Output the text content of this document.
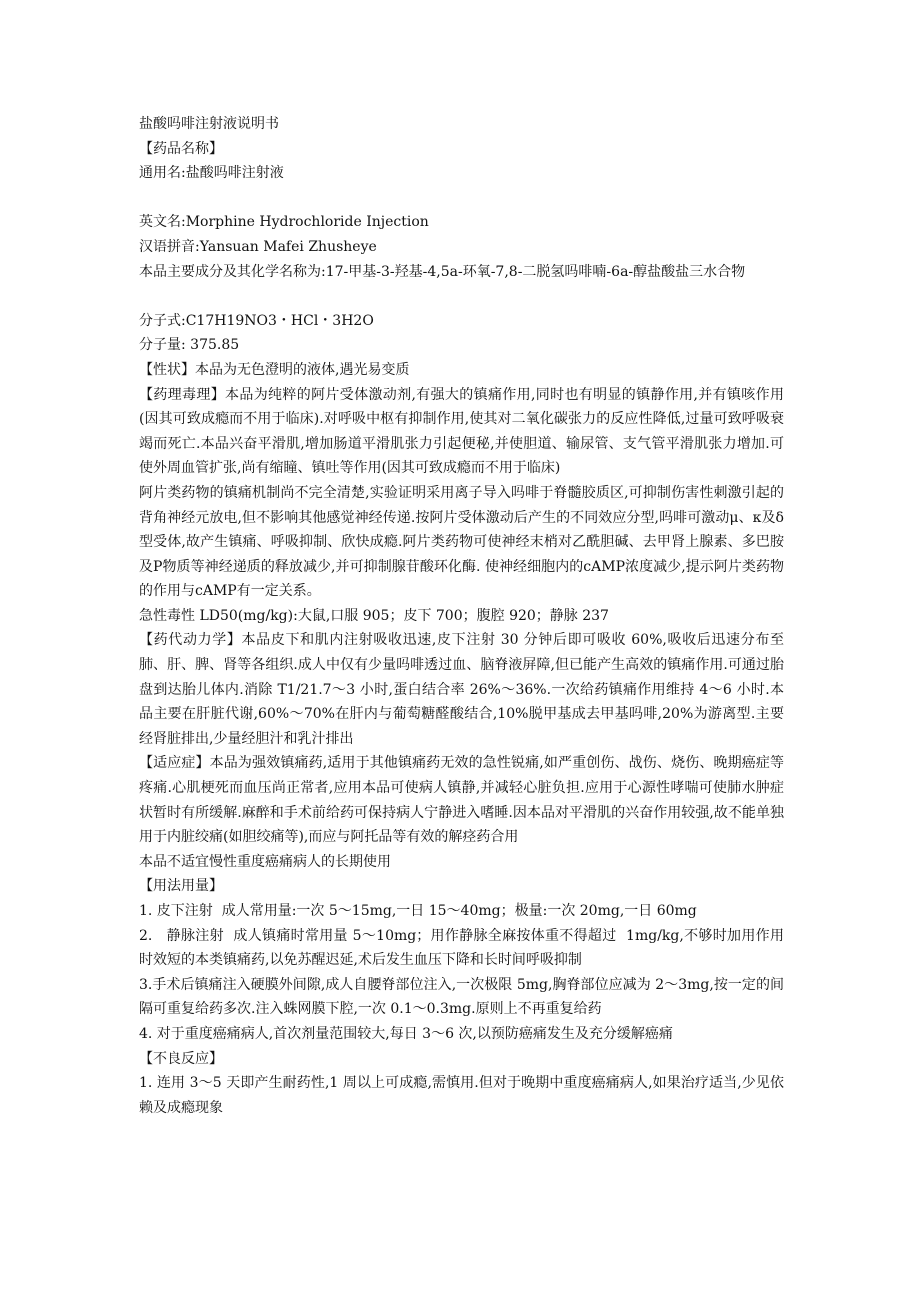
盐酸吗啡注射液说明书

【药品名称】

通用名:盐酸吗啡注射液

英文名:Morphine Hydrochloride Injection

汉语拼音:Yansuan Mafei Zhusheye

本品主要成分及其化学名称为:17-甲基-3-羟基-4,5a-环氧-7,8-二脱氢吗啡喃-6a-醇盐酸盐三水合物

分子式:C17H19NO3・HCl・3H2O

分子量: 375.85

【性状】本品为无色澄明的液体,遇光易变质

【药理毒理】本品为纯粹的阿片受体激动剂,有强大的镇痛作用,同时也有明显的镇静作用,并有镇咳作用(因其可致成瘾而不用于临床).对呼吸中枢有抑制作用,使其对二氧化碳张力的反应性降低,过量可致呼吸衰竭而死亡.本品兴奋平滑肌,增加肠道平滑肌张力引起便秘,并使胆道、输尿管、支气管平滑肌张力增加.可使外周血管扩张,尚有缩瞳、镇吐等作用(因其可致成瘾而不用于临床)

阿片类药物的镇痛机制尚不完全清楚,实验证明采用离子导入吗啡于脊髓胶质区,可抑制伤害性刺激引起的背角神经元放电,但不影响其他感觉神经传递.按阿片受体激动后产生的不同效应分型,吗啡可激动μ、κ及δ型受体,故产生镇痛、呼吸抑制、欣快成瘾.阿片类药物可使神经末梢对乙酰胆碱、去甲肾上腺素、多巴胺及P物质等神经递质的释放减少,并可抑制腺苷酸环化酶. 使神经细胞内的cAMP浓度减少,提示阿片类药物的作用与cAMP有一定关系。

急性毒性 LD50(mg/kg):大鼠,口服 905；皮下 700；腹腔 920；静脉 237

【药代动力学】本品皮下和肌内注射吸收迅速,皮下注射 30 分钟后即可吸收 60%,吸收后迅速分布至肺、肝、脾、肾等各组织.成人中仅有少量吗啡透过血、脑脊液屏障,但已能产生高效的镇痛作用.可通过胎盘到达胎儿体内.消除 T1/21.7～3 小时,蛋白结合率 26%～36%.一次给药镇痛作用维持 4～6 小时.本品主要在肝脏代谢,60%～70%在肝内与葡萄糖醛酸结合,10%脱甲基成去甲基吗啡,20%为游离型.主要经肾脏排出,少量经胆汁和乳汁排出

【适应症】本品为强效镇痛药,适用于其他镇痛药无效的急性锐痛,如严重创伤、战伤、烧伤、晚期癌症等疼痛.心肌梗死而血压尚正常者,应用本品可使病人镇静,并减轻心脏负担.应用于心源性哮喘可使肺水肿症状暂时有所缓解.麻醉和手术前给药可保持病人宁静进入嗜睡.因本品对平滑肌的兴奋作用较强,故不能单独用于内脏绞痛(如胆绞痛等),而应与阿托品等有效的解痉药合用

本品不适宜慢性重度癌痛病人的长期使用

【用法用量】

1. 皮下注射  成人常用量:一次 5～15mg,一日 15～40mg；极量:一次 20mg,一日 60mg

2.   静脉注射  成人镇痛时常用量 5～10mg；用作静脉全麻按体重不得超过  1mg/kg,不够时加用作用时效短的本类镇痛药,以免苏醒迟延,术后发生血压下降和长时间呼吸抑制

3.手术后镇痛注入硬膜外间隙,成人自腰脊部位注入,一次极限 5mg,胸脊部位应减为 2～3mg,按一定的间隔可重复给药多次.注入蛛网膜下腔,一次 0.1～0.3mg.原则上不再重复给药

4. 对于重度癌痛病人,首次剂量范围较大,每日 3～6 次,以预防癌痛发生及充分缓解癌痛

【不良反应】

1. 连用 3～5 天即产生耐药性,1 周以上可成瘾,需慎用.但对于晚期中重度癌痛病人,如果治疗适当,少见依赖及成瘾现象
